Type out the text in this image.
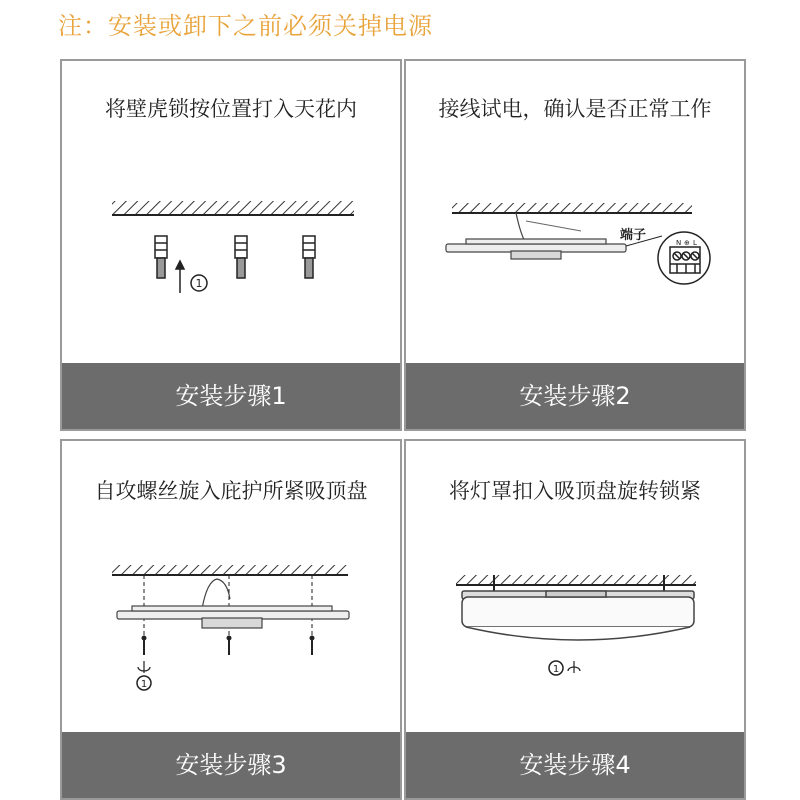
注：安装或卸下之前必须关掉电源
将壁虎锁按位置打入天花内
1
安装步骤1
接线试电，确认是否正常工作
端子	N ⊕ L
安装步骤2
自攻螺丝旋入庇护所紧吸顶盘
1
安装步骤3
将灯罩扣入吸顶盘旋转锁紧
1
安装步骤4
